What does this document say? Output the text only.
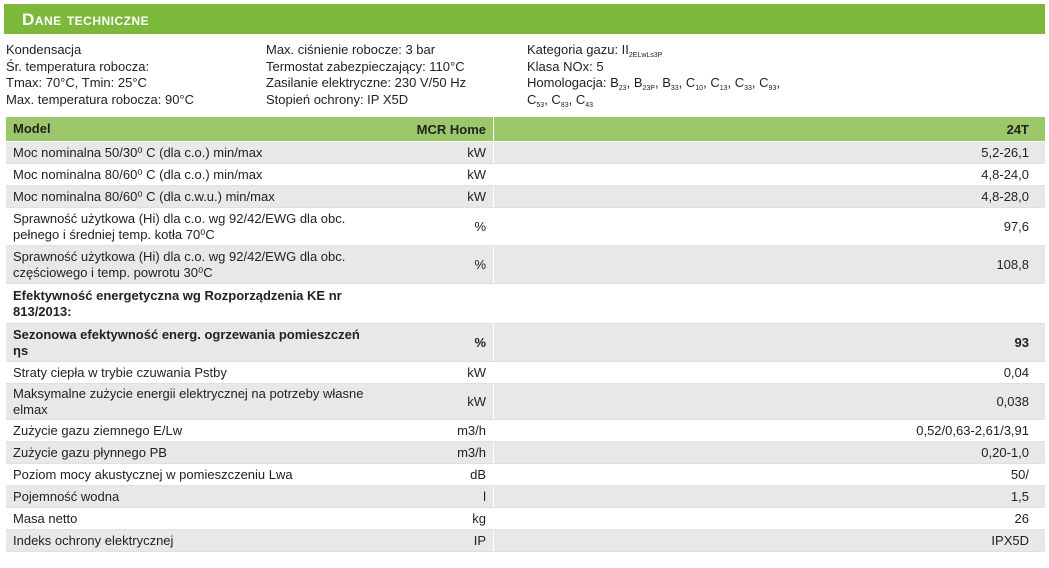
Dane techniczne
Kondensacja
Śr. temperatura robocza:
Tmax: 70°C, Tmin: 25°C
Max. temperatura robocza: 90°C
Max. ciśnienie robocze: 3 bar
Termostat zabezpieczający: 110°C
Zasilanie elektryczne: 230 V/50 Hz
Stopień ochrony: IP X5D
Kategoria gazu: $II_{2ELwLs3P}$
Klasa NOx: 5
Homologacja: $B_{23}$, $B_{23P}$, $B_{33}$, $C_{10}$, $C_{13}$, $C_{33}$, $C_{93}$,
$C_{53}$, $C_{83}$, $C_{43}$
Model	MCR Home	24T
Moc nominalna 50/30⁰ C (dla c.o.) min/max	kW	5,2-26,1
Moc nominalna 80/60⁰ C (dla c.o.) min/max	kW	4,8-24,0
Moc nominalna 80/60⁰ C (dla c.w.u.) min/max	kW	4,8-28,0
Sprawność użytkowa (Hi) dla c.o. wg 92/42/EWG dla obc. pełnego i średniej temp. kotła 70⁰C	%	97,6
Sprawność użytkowa (Hi) dla c.o. wg 92/42/EWG dla obc. częściowego i temp. powrotu 30⁰C	%	108,8
Efektywność energetyczna wg Rozporządzenia KE nr 813/2013:
Sezonowa efektywność energ. ogrzewania pomieszczeń ηs	%	93
Straty ciepła w trybie czuwania Pstby	kW	0,04
Maksymalne zużycie energii elektrycznej na potrzeby własne elmax	kW	0,038
Zużycie gazu ziemnego E/Lw	m3/h	0,52/0,63-2,61/3,91
Zużycie gazu płynnego PB	m3/h	0,20-1,0
Poziom mocy akustycznej w pomieszczeniu Lwa	dB	50/
Pojemność wodna	l	1,5
Masa netto	kg	26
Indeks ochrony elektrycznej	IP	IPX5D
